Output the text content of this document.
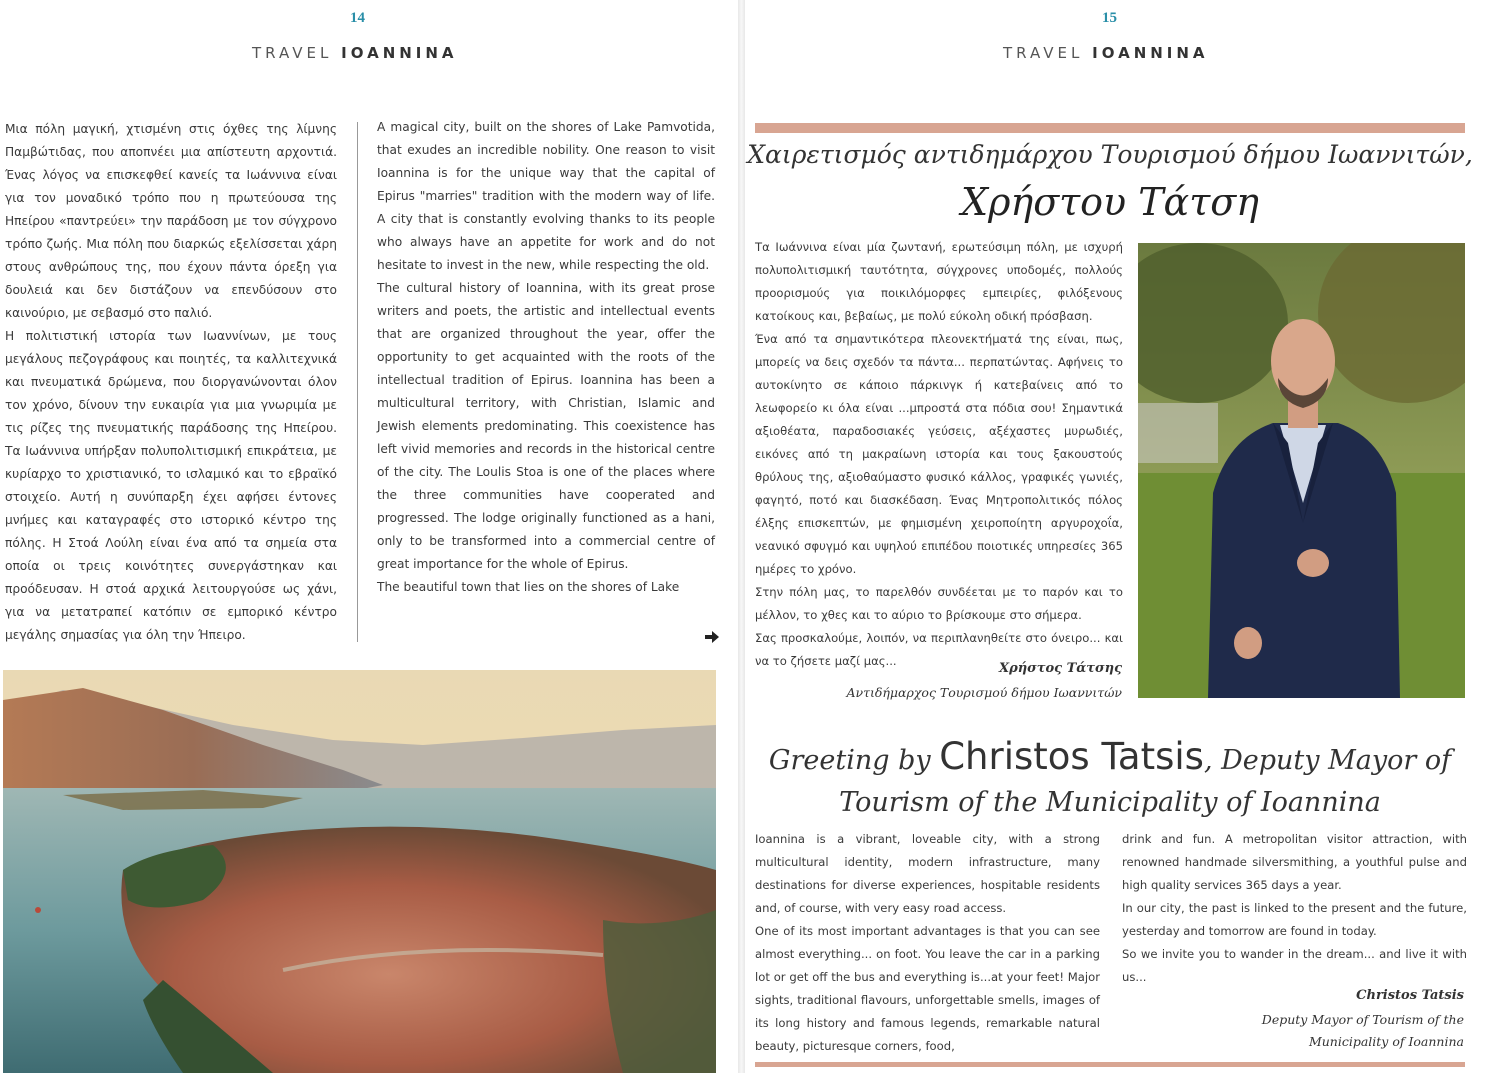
14
TRAVEL IOANNINA

Μια πόλη μαγική, χτισμένη στις όχθες της λίμνης Παμβώτιδας, που αποπνέει μια απίστευτη αρχοντιά. Ένας λόγος να επισκεφθεί κανείς τα Ιωάννινα είναι για τον μοναδικό τρόπο που η πρωτεύουσα της Ηπείρου «παντρεύει» την παράδοση με τον σύγχρονο τρόπο ζωής. Μια πόλη που διαρκώς εξελίσσεται χάρη στους ανθρώπους της, που έχουν πάντα όρεξη για δουλειά και δεν διστάζουν να επενδύσουν στο καινούριο, με σεβασμό στο παλιό.

Η πολιτιστική ιστορία των Ιωαννίνων, με τους μεγάλους πεζογράφους και ποιητές, τα καλλιτεχνικά και πνευματικά δρώμενα, που διοργανώνονται όλον τον χρόνο, δίνουν την ευκαιρία για μια γνωριμία με τις ρίζες της πνευματικής παράδοσης της Ηπείρου. Τα Ιωάννινα υπήρξαν πολυπολιτισμική επικράτεια, με κυρίαρχο το χριστιανικό, το ισλαμικό και το εβραϊκό στοιχείο. Αυτή η συνύπαρξη έχει αφήσει έντονες μνήμες και καταγραφές στο ιστορικό κέντρο της πόλης. Η Στοά Λούλη είναι ένα από τα σημεία στα οποία οι τρεις κοινότητες συνεργάστηκαν και προόδευσαν. Η στοά αρχικά λειτουργούσε ως χάνι, για να μετατραπεί κατόπιν σε εμπορικό κέντρο μεγάλης σημασίας για όλη την Ήπειρο.

A magical city, built on the shores of Lake Pamvotida, that exudes an incredible nobility. One reason to visit Ioannina is for the unique way that the capital of Epirus "marries" tradition with the modern way of life. A city that is constantly evolving thanks to its people who always have an appetite for work and do not hesitate to invest in the new, while respecting the old.

The cultural history of Ioannina, with its great prose writers and poets, the artistic and intellectual events that are organized throughout the year, offer the opportunity to get acquainted with the roots of the intellectual tradition of Epirus. Ioannina has been a multicultural territory, with Christian, Islamic and Jewish elements predominating. This coexistence has left vivid memories and records in the historical centre of the city. The Loulis Stoa is one of the places where the three communities have cooperated and progressed. The lodge originally functioned as a hani, only to be transformed into a commercial centre of great importance for the whole of Epirus.

The beautiful town that lies on the shores of Lake

15
TRAVEL IOANNINA
Χαιρετισμός αντιδημάρχου Τουρισμού δήμου Ιωαννιτών,
Χρήστου Τάτση

Τα Ιωάννινα είναι μία ζωντανή, ερωτεύσιμη πόλη, με ισχυρή πολυπολιτισμική ταυτότητα, σύγχρονες υποδομές, πολλούς προορισμούς για ποικιλόμορφες εμπειρίες, φιλόξενους κατοίκους και, βεβαίως, με πολύ εύκολη οδική πρόσβαση.

Ένα από τα σημαντικότερα πλεονεκτήματά της είναι, πως, μπορείς να δεις σχεδόν τα πάντα... περπατώντας. Αφήνεις το αυτοκίνητο σε κάποιο πάρκινγκ ή κατεβαίνεις από το λεωφορείο κι όλα είναι ...μπροστά στα πόδια σου! Σημαντικά αξιοθέατα, παραδοσιακές γεύσεις, αξέχαστες μυρωδιές, εικόνες από τη μακραίωνη ιστορία και τους ξακουστούς θρύλους της, αξιοθαύμαστο φυσικό κάλλος, γραφικές γωνιές, φαγητό, ποτό και διασκέδαση. Ένας Μητροπολιτικός πόλος έλξης επισκεπτών, με φημισμένη χειροποίητη αργυροχοΐα, νεανικό σφυγμό και υψηλού επιπέδου ποιοτικές υπηρεσίες 365 ημέρες το χρόνο.

Στην πόλη μας, το παρελθόν συνδέεται με το παρόν και το μέλλον, το χθες και το αύριο τo βρίσκουμε στο σήμερα.

Σας προσκαλούμε, λοιπόν, να περιπλανηθείτε στο όνειρο... και να το ζήσετε μαζί μας...	Χρήστος Τάτσης
Αντιδήμαρχος Τουρισμού δήμου Ιωαννιτών
Greeting by Christos Tatsis, Deputy Mayor of
Tourism of the Municipality of Ioannina

Ioannina is a vibrant, loveable city, with a strong multicultural identity, modern infrastructure, many destinations for diverse experiences, hospitable residents and, of course, with very easy road access.

One of its most important advantages is that you can see almost everything... on foot. You leave the car in a parking lot or get off the bus and everything is...at your feet! Major sights, traditional flavours, unforgettable smells, images of its long history and famous legends, remarkable natural beauty, picturesque corners, food,

drink and fun. A metropolitan visitor attraction, with renowned handmade silversmithing, a youthful pulse and high quality services 365 days a year.

In our city, the past is linked to the present and the future, yesterday and tomorrow are found in today.

So we invite you to wander in the dream... and live it with us...

Christos Tatsis
Deputy Mayor of Tourism of the
Municipality of Ioannina
